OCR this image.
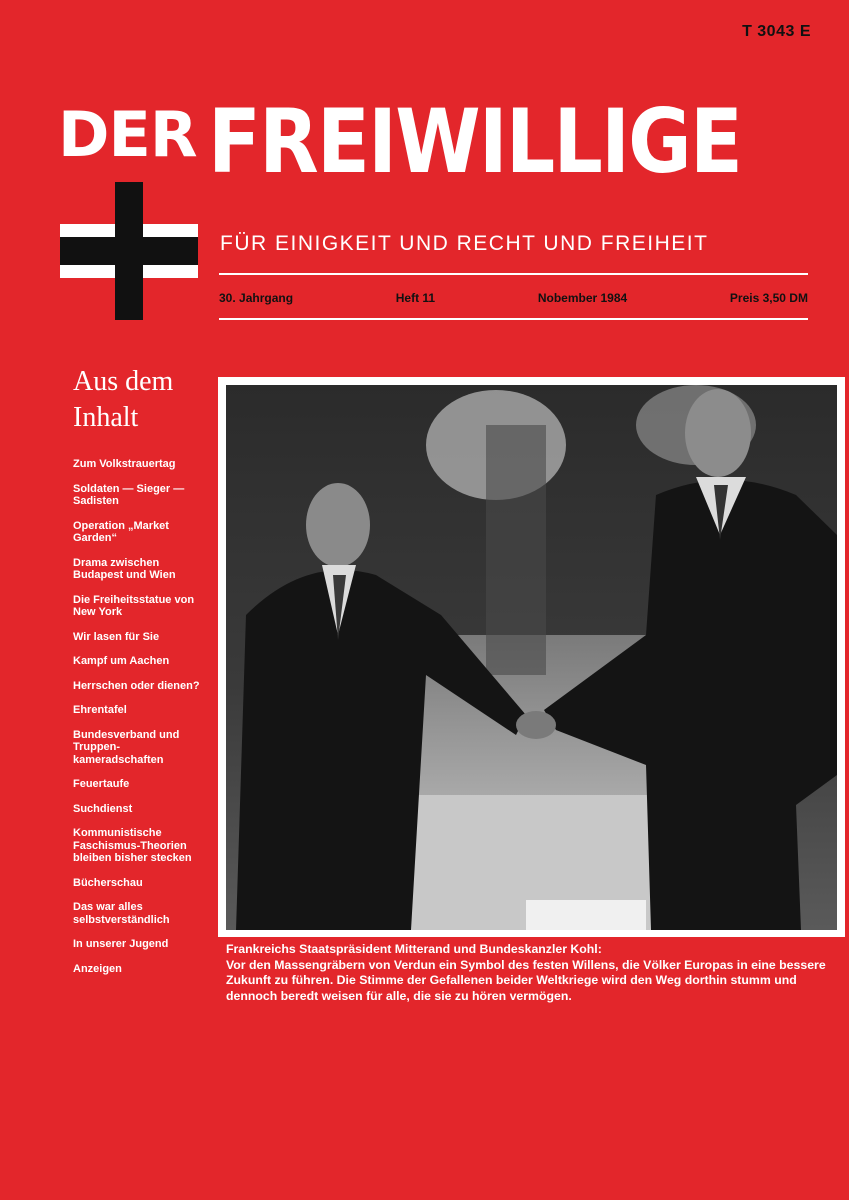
T 3043 E
DER FREIWILLIGE
FÜR EINIGKEIT UND RECHT UND FREIHEIT
30. Jahrgang	Heft 11	Nobember 1984	Preis 3,50 DM
Aus dem
Inhalt
Zum Volkstrauertag
Soldaten — Sieger — Sadisten
Operation „Market Garden“
Drama zwischen Budapest und Wien
Die Freiheitsstatue von New York
Wir lasen für Sie
Kampf um Aachen
Herrschen oder dienen?
Ehrentafel
Bundesverband und Truppen-kameradschaften
Feuertaufe
Suchdienst
Kommunistische Faschismus-Theorien bleiben bisher stecken
Bücherschau
Das war alles selbstverständlich
In unserer Jugend
Anzeigen

Frankreichs Staatspräsident Mitterand und Bundeskanzler Kohl:

Vor den Massengräbern von Verdun ein Symbol des festen Willens, die Völker Europas in eine bessere Zukunft zu führen. Die Stimme der Gefallenen beider Weltkriege wird den Weg dorthin stumm und dennoch beredt weisen für alle, die sie zu hören vermögen.
